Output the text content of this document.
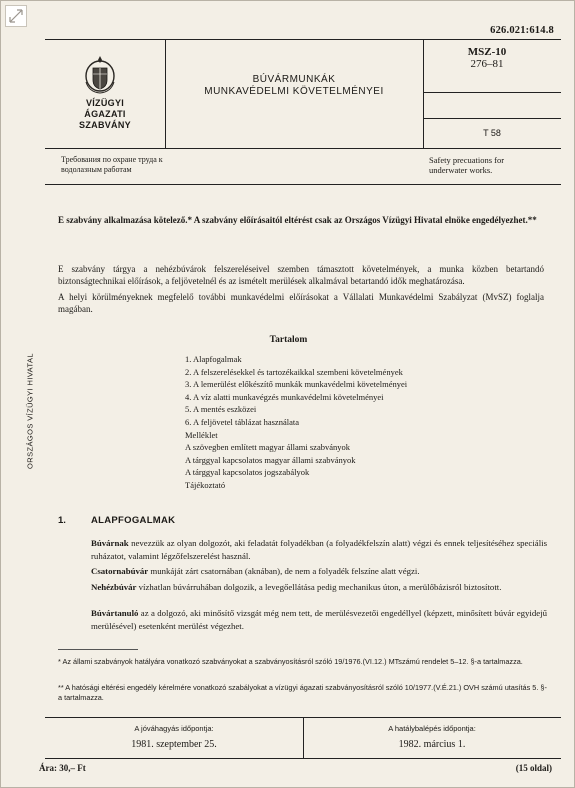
626.021:614.8
VÍZÜGYI
ÁGAZATI
SZABVÁNY
BÚVÁRMUNKÁK
MUNKAVÉDELMI KÖVETELMÉNYEI
MSZ-10
276–81
T 58
Требования по охране труда к
водолазным работам
Safety precuations for
underwater works.
ORSZÁGOS VÍZÜGYI HIVATAL
E szabvány alkalmazása kötelező.* A szabvány előírásaitól eltérést csak az Országos Vízügyi Hivatal elnöke engedélyezhet.**
E szabvány tárgya a nehézbúvárok felszereléseivel szemben támasztott követelmények, a munka közben betartandó biztonságtechnikai előírások, a feljövetelnél és az ismételt merülések alkalmával betartandó idők meghatározása.
A helyi körülményeknek megfelelő további munkavédelmi előírásokat a Vállalati Munkavédelmi Szabályzat (MvSZ) foglalja magában.
Tartalom
1. Alapfogalmak
2. A felszerelésekkel és tartozékaikkal szembeni követelmények
3. A lemerülést előkészítő munkák munkavédelmi követelményei
4. A víz alatti munkavégzés munkavédelmi követelményei
5. A mentés eszközei
6. A feljövetel táblázat használata
Melléklet
A szövegben említett magyar állami szabványok
A tárggyal kapcsolatos magyar állami szabványok
A tárggyal kapcsolatos jogszabályok
Tájékoztató
1.	ALAPFOGALMAK
Búvárnak nevezzük az olyan dolgozót, aki feladatát folyadékban (a folyadékfelszín alatt) végzi és ennek teljesítéséhez speciális ruházatot, valamint légzőfelszerelést használ.
Csatornabúvár munkáját zárt csatornában (aknában), de nem a folyadék felszíne alatt végzi.
Nehézbúvár vízhatlan búvárruhában dolgozik, a levegőellátása pedig mechanikus úton, a merülőbázisról biztosított.
Búvártanuló az a dolgozó, aki minősítő vizsgát még nem tett, de merülésvezetői engedéllyel (képzett, minősített búvár egyidejű merülésével) esetenként merülést végezhet.
* Az állami szabványok hatályára vonatkozó szabványokat a szabványosításról szóló 19/1976.(VI.12.) MTszámú rendelet 5–12. §-a tartalmazza.
** A hatósági eltérési engedély kérelmére vonatkozó szabályokat a vízügyi ágazati szabványosításról szóló 10/1977.(V.É.21.) OVH számú utasítás 5. §-a tartalmazza.
A jóváhagyás időpontja:
1981. szeptember 25.
A hatálybalépés időpontja:
1982. március 1.
Ára: 30,– Ft	(15 oldal)
